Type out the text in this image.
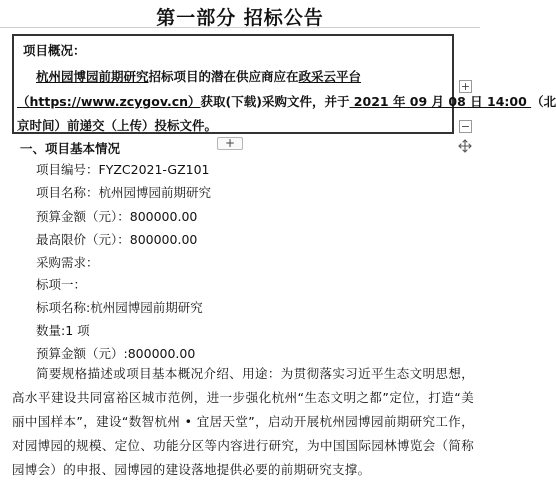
第一部分 招标公告
项目概况：
杭州园博园前期研究招标项目的潜在供应商应在政采云平台
（https://www.zcygov.cn）获取(下载)采购文件，并于 2021 年 09 月 08 日 14:00 （北
京时间）前递交（上传）投标文件。
+
−
+
一、项目基本情况
项目编号：FYZC2021-GZ101
项目名称：杭州园博园前期研究
预算金额（元）：800000.00
最高限价（元）：800000.00
采购需求：
标项一：
标项名称:杭州园博园前期研究
数量:1 项
预算金额（元）:800000.00
简要规格描述或项目基本概况介绍、用途：为贯彻落实习近平生态文明思想，高水平建设共同富裕区城市范例，进一步强化杭州“生态文明之都”定位，打造“美丽中国样本”，建设“数智杭州 • 宜居天堂”，启动开展杭州园博园前期研究工作，对园博园的规模、定位、功能分区等内容进行研究，为中国国际园林博览会（简称园博会）的申报、园博园的建设落地提供必要的前期研究支撑。
